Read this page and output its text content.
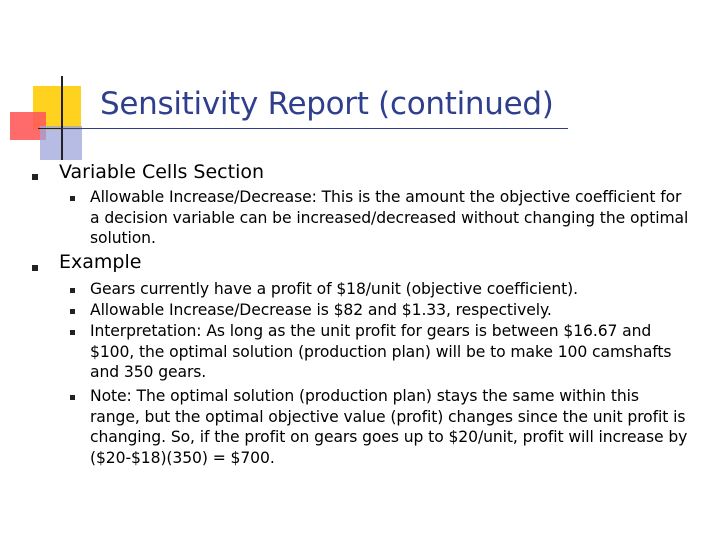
Sensitivity Report (continued)
Variable Cells Section
Allowable Increase/Decrease: This is the amount the objective coefficient for a decision variable can be increased/decreased without changing the optimal solution.
Example
Gears currently have a profit of $18/unit (objective coefficient).
Allowable Increase/Decrease is $82 and $1.33, respectively.
Interpretation: As long as the unit profit for gears is between $16.67 and $100, the optimal solution (production plan) will be to make 100 camshafts and 350 gears.
Note: The optimal solution (production plan) stays the same within this range, but the optimal objective value (profit) changes since the unit profit is changing. So, if the profit on gears goes up to $20/unit, profit will increase by ($20-$18)(350) = $700.
